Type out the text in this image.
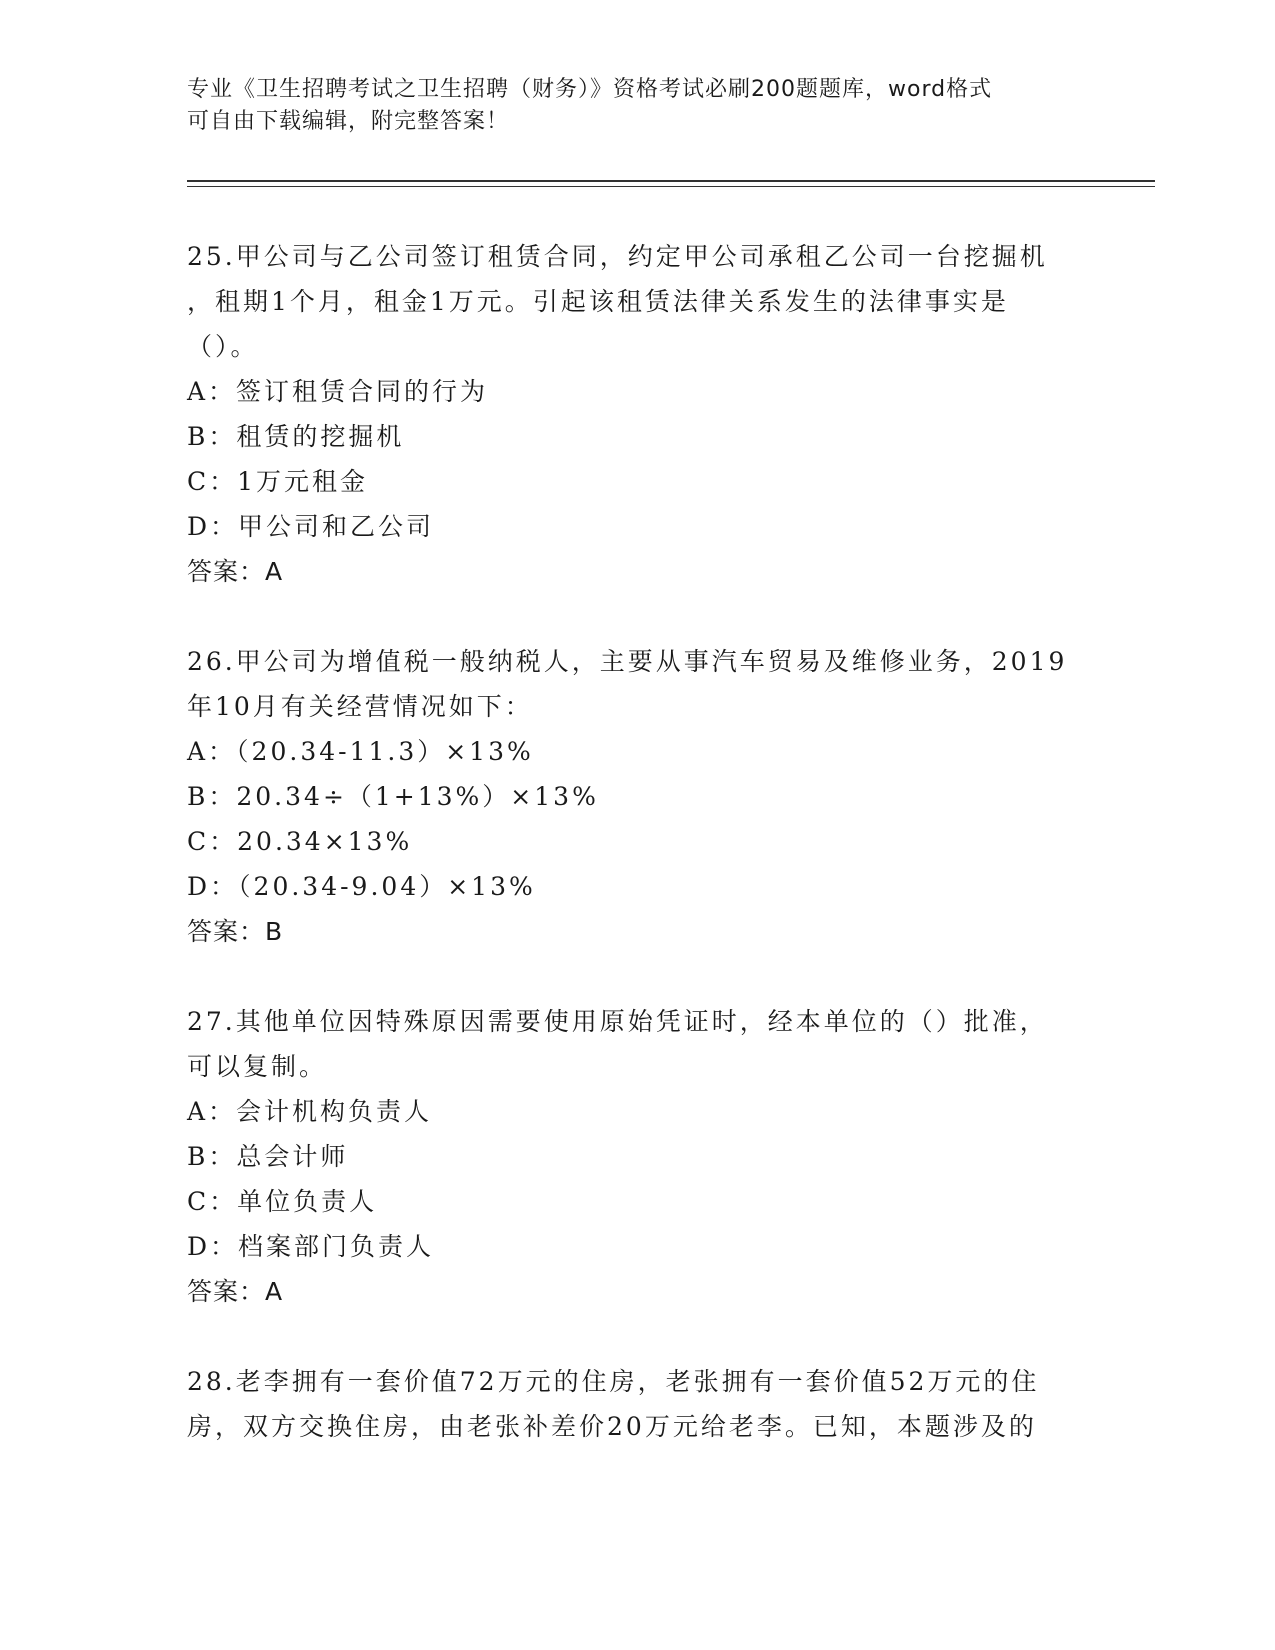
专业《卫生招聘考试之卫生招聘（财务）》资格考试必刷200题题库，word格式
可自由下载编辑，附完整答案！
25.甲公司与乙公司签订租赁合同，约定甲公司承租乙公司一台挖掘机
，租期1个月，租金1万元。引起该租赁法律关系发生的法律事实是
（）。
A：签订租赁合同的行为
B：租赁的挖掘机
C：1万元租金
D：甲公司和乙公司
答案：A
26.甲公司为增值税一般纳税人，主要从事汽车贸易及维修业务，2019
年10月有关经营情况如下：
A：（20.34-11.3）×13%
B：20.34÷（1+13%）×13%
C：20.34×13%
D：（20.34-9.04）×13%
答案：B
27.其他单位因特殊原因需要使用原始凭证时，经本单位的（）批准，
可以复制。
A：会计机构负责人
B：总会计师
C：单位负责人
D：档案部门负责人
答案：A
28.老李拥有一套价值72万元的住房，老张拥有一套价值52万元的住
房，双方交换住房，由老张补差价20万元给老李。已知，本题涉及的
